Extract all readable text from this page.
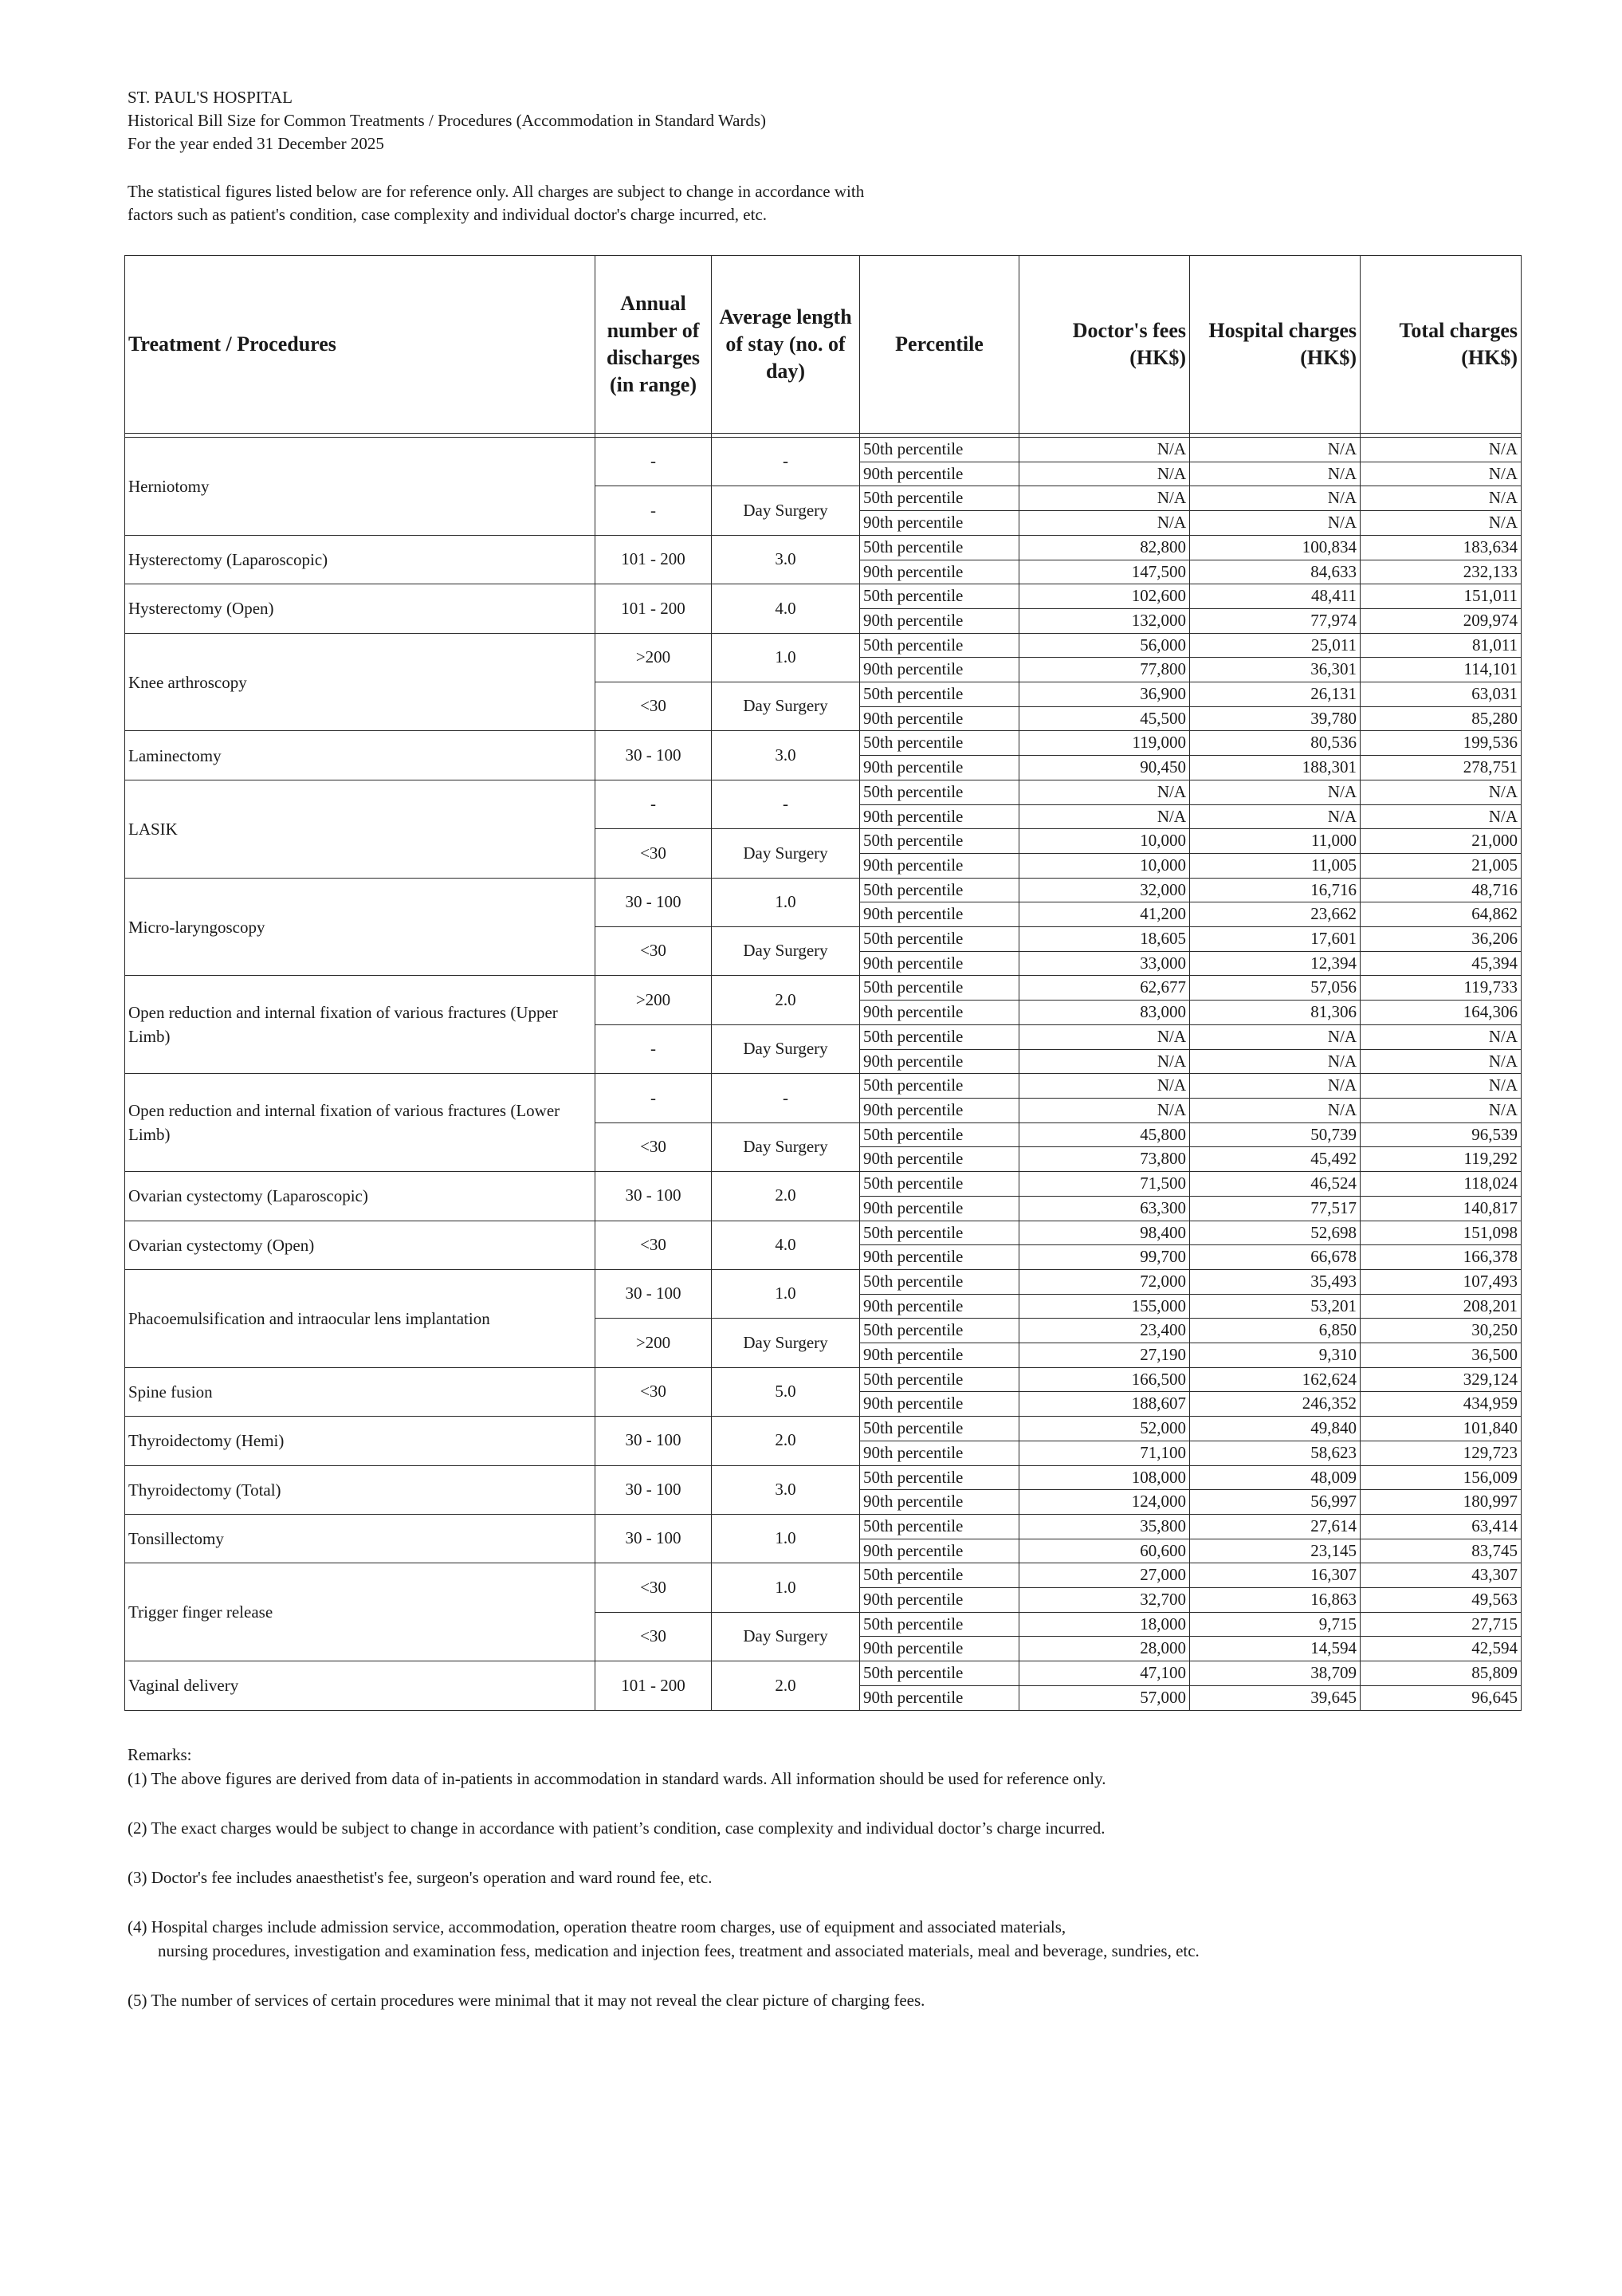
ST. PAUL'S HOSPITAL
Historical Bill Size for Common Treatments / Procedures (Accommodation in Standard Wards)
For the year ended 31 December 2025
The statistical figures listed below are for reference only. All charges are subject to change in accordance with
factors such as patient's condition, case complexity and individual doctor's charge incurred, etc.
Treatment / Procedures	Annual number of discharges (in range)	Average length of stay (no. of day)	Percentile	Doctor's fees (HK$)	Hospital charges (HK$)	Total charges (HK$)

Herniotomy	-	-	50th percentile	N/A	N/A	N/A
			90th percentile	N/A	N/A	N/A
	-	Day Surgery	50th percentile	N/A	N/A	N/A
			90th percentile	N/A	N/A	N/A
Hysterectomy (Laparoscopic)	101 - 200	3.0	50th percentile	82,800	100,834	183,634
			90th percentile	147,500	84,633	232,133
Hysterectomy (Open)	101 - 200	4.0	50th percentile	102,600	48,411	151,011
			90th percentile	132,000	77,974	209,974
Knee arthroscopy	>200	1.0	50th percentile	56,000	25,011	81,011
			90th percentile	77,800	36,301	114,101
	<30	Day Surgery	50th percentile	36,900	26,131	63,031
			90th percentile	45,500	39,780	85,280
Laminectomy	30 - 100	3.0	50th percentile	119,000	80,536	199,536
			90th percentile	90,450	188,301	278,751
LASIK	-	-	50th percentile	N/A	N/A	N/A
			90th percentile	N/A	N/A	N/A
	<30	Day Surgery	50th percentile	10,000	11,000	21,000
			90th percentile	10,000	11,005	21,005
Micro-laryngoscopy	30 - 100	1.0	50th percentile	32,000	16,716	48,716
			90th percentile	41,200	23,662	64,862
	<30	Day Surgery	50th percentile	18,605	17,601	36,206
			90th percentile	33,000	12,394	45,394
Open reduction and internal fixation of various fractures (Upper Limb)	>200	2.0	50th percentile	62,677	57,056	119,733
			90th percentile	83,000	81,306	164,306
	-	Day Surgery	50th percentile	N/A	N/A	N/A
			90th percentile	N/A	N/A	N/A
Open reduction and internal fixation of various fractures (Lower Limb)	-	-	50th percentile	N/A	N/A	N/A
			90th percentile	N/A	N/A	N/A
	<30	Day Surgery	50th percentile	45,800	50,739	96,539
			90th percentile	73,800	45,492	119,292
Ovarian cystectomy (Laparoscopic)	30 - 100	2.0	50th percentile	71,500	46,524	118,024
			90th percentile	63,300	77,517	140,817
Ovarian cystectomy (Open)	<30	4.0	50th percentile	98,400	52,698	151,098
			90th percentile	99,700	66,678	166,378
Phacoemulsification and intraocular lens implantation	30 - 100	1.0	50th percentile	72,000	35,493	107,493
			90th percentile	155,000	53,201	208,201
	>200	Day Surgery	50th percentile	23,400	6,850	30,250
			90th percentile	27,190	9,310	36,500
Spine fusion	<30	5.0	50th percentile	166,500	162,624	329,124
			90th percentile	188,607	246,352	434,959
Thyroidectomy (Hemi)	30 - 100	2.0	50th percentile	52,000	49,840	101,840
			90th percentile	71,100	58,623	129,723
Thyroidectomy (Total)	30 - 100	3.0	50th percentile	108,000	48,009	156,009
			90th percentile	124,000	56,997	180,997
Tonsillectomy	30 - 100	1.0	50th percentile	35,800	27,614	63,414
			90th percentile	60,600	23,145	83,745
Trigger finger release	<30	1.0	50th percentile	27,000	16,307	43,307
			90th percentile	32,700	16,863	49,563
	<30	Day Surgery	50th percentile	18,000	9,715	27,715
			90th percentile	28,000	14,594	42,594
Vaginal delivery	101 - 200	2.0	50th percentile	47,100	38,709	85,809
			90th percentile	57,000	39,645	96,645

Remarks:

(1) The above figures are derived from data of in-patients in accommodation in standard wards. All information should be used for reference only.

(2) The exact charges would be subject to change in accordance with patient’s condition, case complexity and individual doctor’s charge incurred.

(3) Doctor's fee includes anaesthetist's fee, surgeon's operation and ward round fee, etc.

(4) Hospital charges include admission service, accommodation, operation theatre room charges, use of equipment and associated materials,

nursing procedures, investigation and examination fess, medication and injection fees, treatment and associated materials, meal and beverage, sundries, etc.

(5) The number of services of certain procedures were minimal that it may not reveal the clear picture of charging fees.
